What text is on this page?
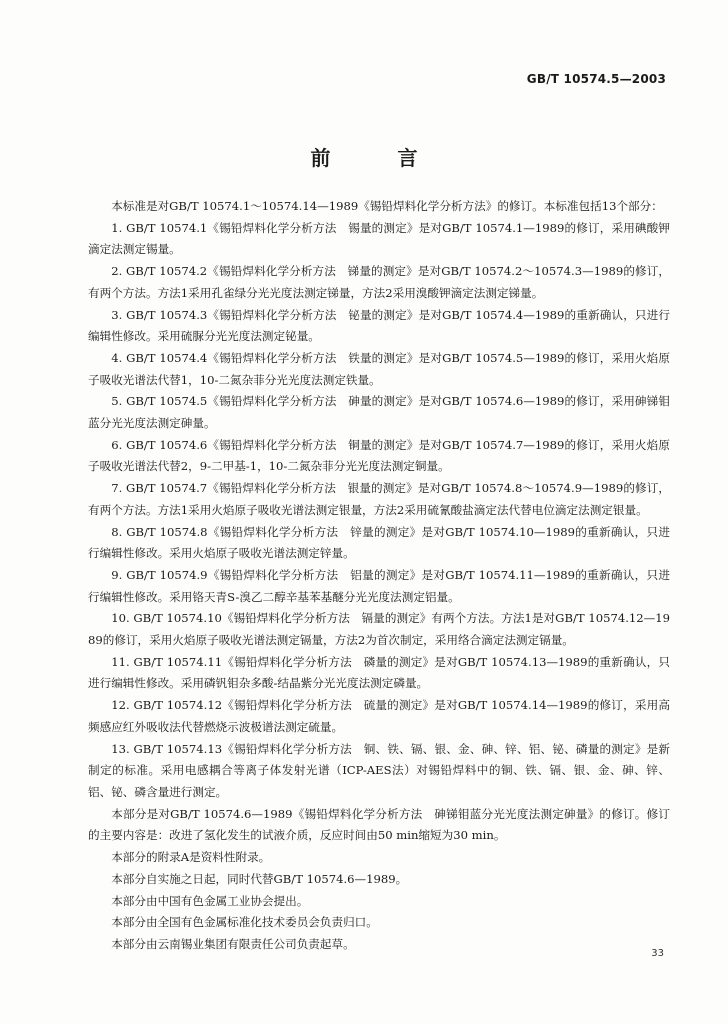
GB/T 10574.5—2003
前 言

本标准是对GB/T 10574.1～10574.14—1989《锡铅焊料化学分析方法》的修订。本标准包括13个部分：

1. GB/T 10574.1《锡铅焊料化学分析方法　锡量的测定》是对GB/T 10574.1—1989的修订，采用碘酸钾滴定法测定锡量。

2. GB/T 10574.2《锡铅焊料化学分析方法　锑量的测定》是对GB/T 10574.2～10574.3—1989的修订，有两个方法。方法1采用孔雀绿分光光度法测定锑量，方法2采用溴酸钾滴定法测定锑量。

3. GB/T 10574.3《锡铅焊料化学分析方法　铋量的测定》是对GB/T 10574.4—1989的重新确认，只进行编辑性修改。采用硫脲分光光度法测定铋量。

4. GB/T 10574.4《锡铅焊料化学分析方法　铁量的测定》是对GB/T 10574.5—1989的修订，采用火焰原子吸收光谱法代替1，10-二氮杂菲分光光度法测定铁量。

5. GB/T 10574.5《锡铅焊料化学分析方法　砷量的测定》是对GB/T 10574.6—1989的修订，采用砷锑钼蓝分光光度法测定砷量。

6. GB/T 10574.6《锡铅焊料化学分析方法　铜量的测定》是对GB/T 10574.7—1989的修订，采用火焰原子吸收光谱法代替2，9-二甲基-1，10-二氮杂菲分光光度法测定铜量。

7. GB/T 10574.7《锡铅焊料化学分析方法　银量的测定》是对GB/T 10574.8～10574.9—1989的修订，有两个方法。方法1采用火焰原子吸收光谱法测定银量，方法2采用硫氰酸盐滴定法代替电位滴定法测定银量。

8. GB/T 10574.8《锡铅焊料化学分析方法　锌量的测定》是对GB/T 10574.10—1989的重新确认，只进行编辑性修改。采用火焰原子吸收光谱法测定锌量。

9. GB/T 10574.9《锡铅焊料化学分析方法　铝量的测定》是对GB/T 10574.11—1989的重新确认，只进行编辑性修改。采用铬天青S-溴乙二醇辛基苯基醚分光光度法测定铝量。

10. GB/T 10574.10《锡铅焊料化学分析方法　镉量的测定》有两个方法。方法1是对GB/T 10574.12—1989的修订，采用火焰原子吸收光谱法测定镉量，方法2为首次制定，采用络合滴定法测定镉量。

11. GB/T 10574.11《锡铅焊料化学分析方法　磷量的测定》是对GB/T 10574.13—1989的重新确认，只进行编辑性修改。采用磷钒钼杂多酸-结晶紫分光光度法测定磷量。

12. GB/T 10574.12《锡铅焊料化学分析方法　硫量的测定》是对GB/T 10574.14—1989的修订，采用高频感应红外吸收法代替燃烧示波极谱法测定硫量。

13. GB/T 10574.13《锡铅焊料化学分析方法　铜、铁、镉、银、金、砷、锌、铝、铋、磷量的测定》是新制定的标准。采用电感耦合等离子体发射光谱（ICP-AES法）对锡铅焊料中的铜、铁、镉、银、金、砷、锌、铝、铋、磷含量进行测定。

本部分是对GB/T 10574.6—1989《锡铅焊料化学分析方法　砷锑钼蓝分光光度法测定砷量》的修订。修订的主要内容是：改进了氢化发生的试液介质，反应时间由50 min缩短为30 min。

本部分的附录A是资料性附录。

本部分自实施之日起，同时代替GB/T 10574.6—1989。

本部分由中国有色金属工业协会提出。

本部分由全国有色金属标准化技术委员会负责归口。

本部分由云南锡业集团有限责任公司负责起草。

33
